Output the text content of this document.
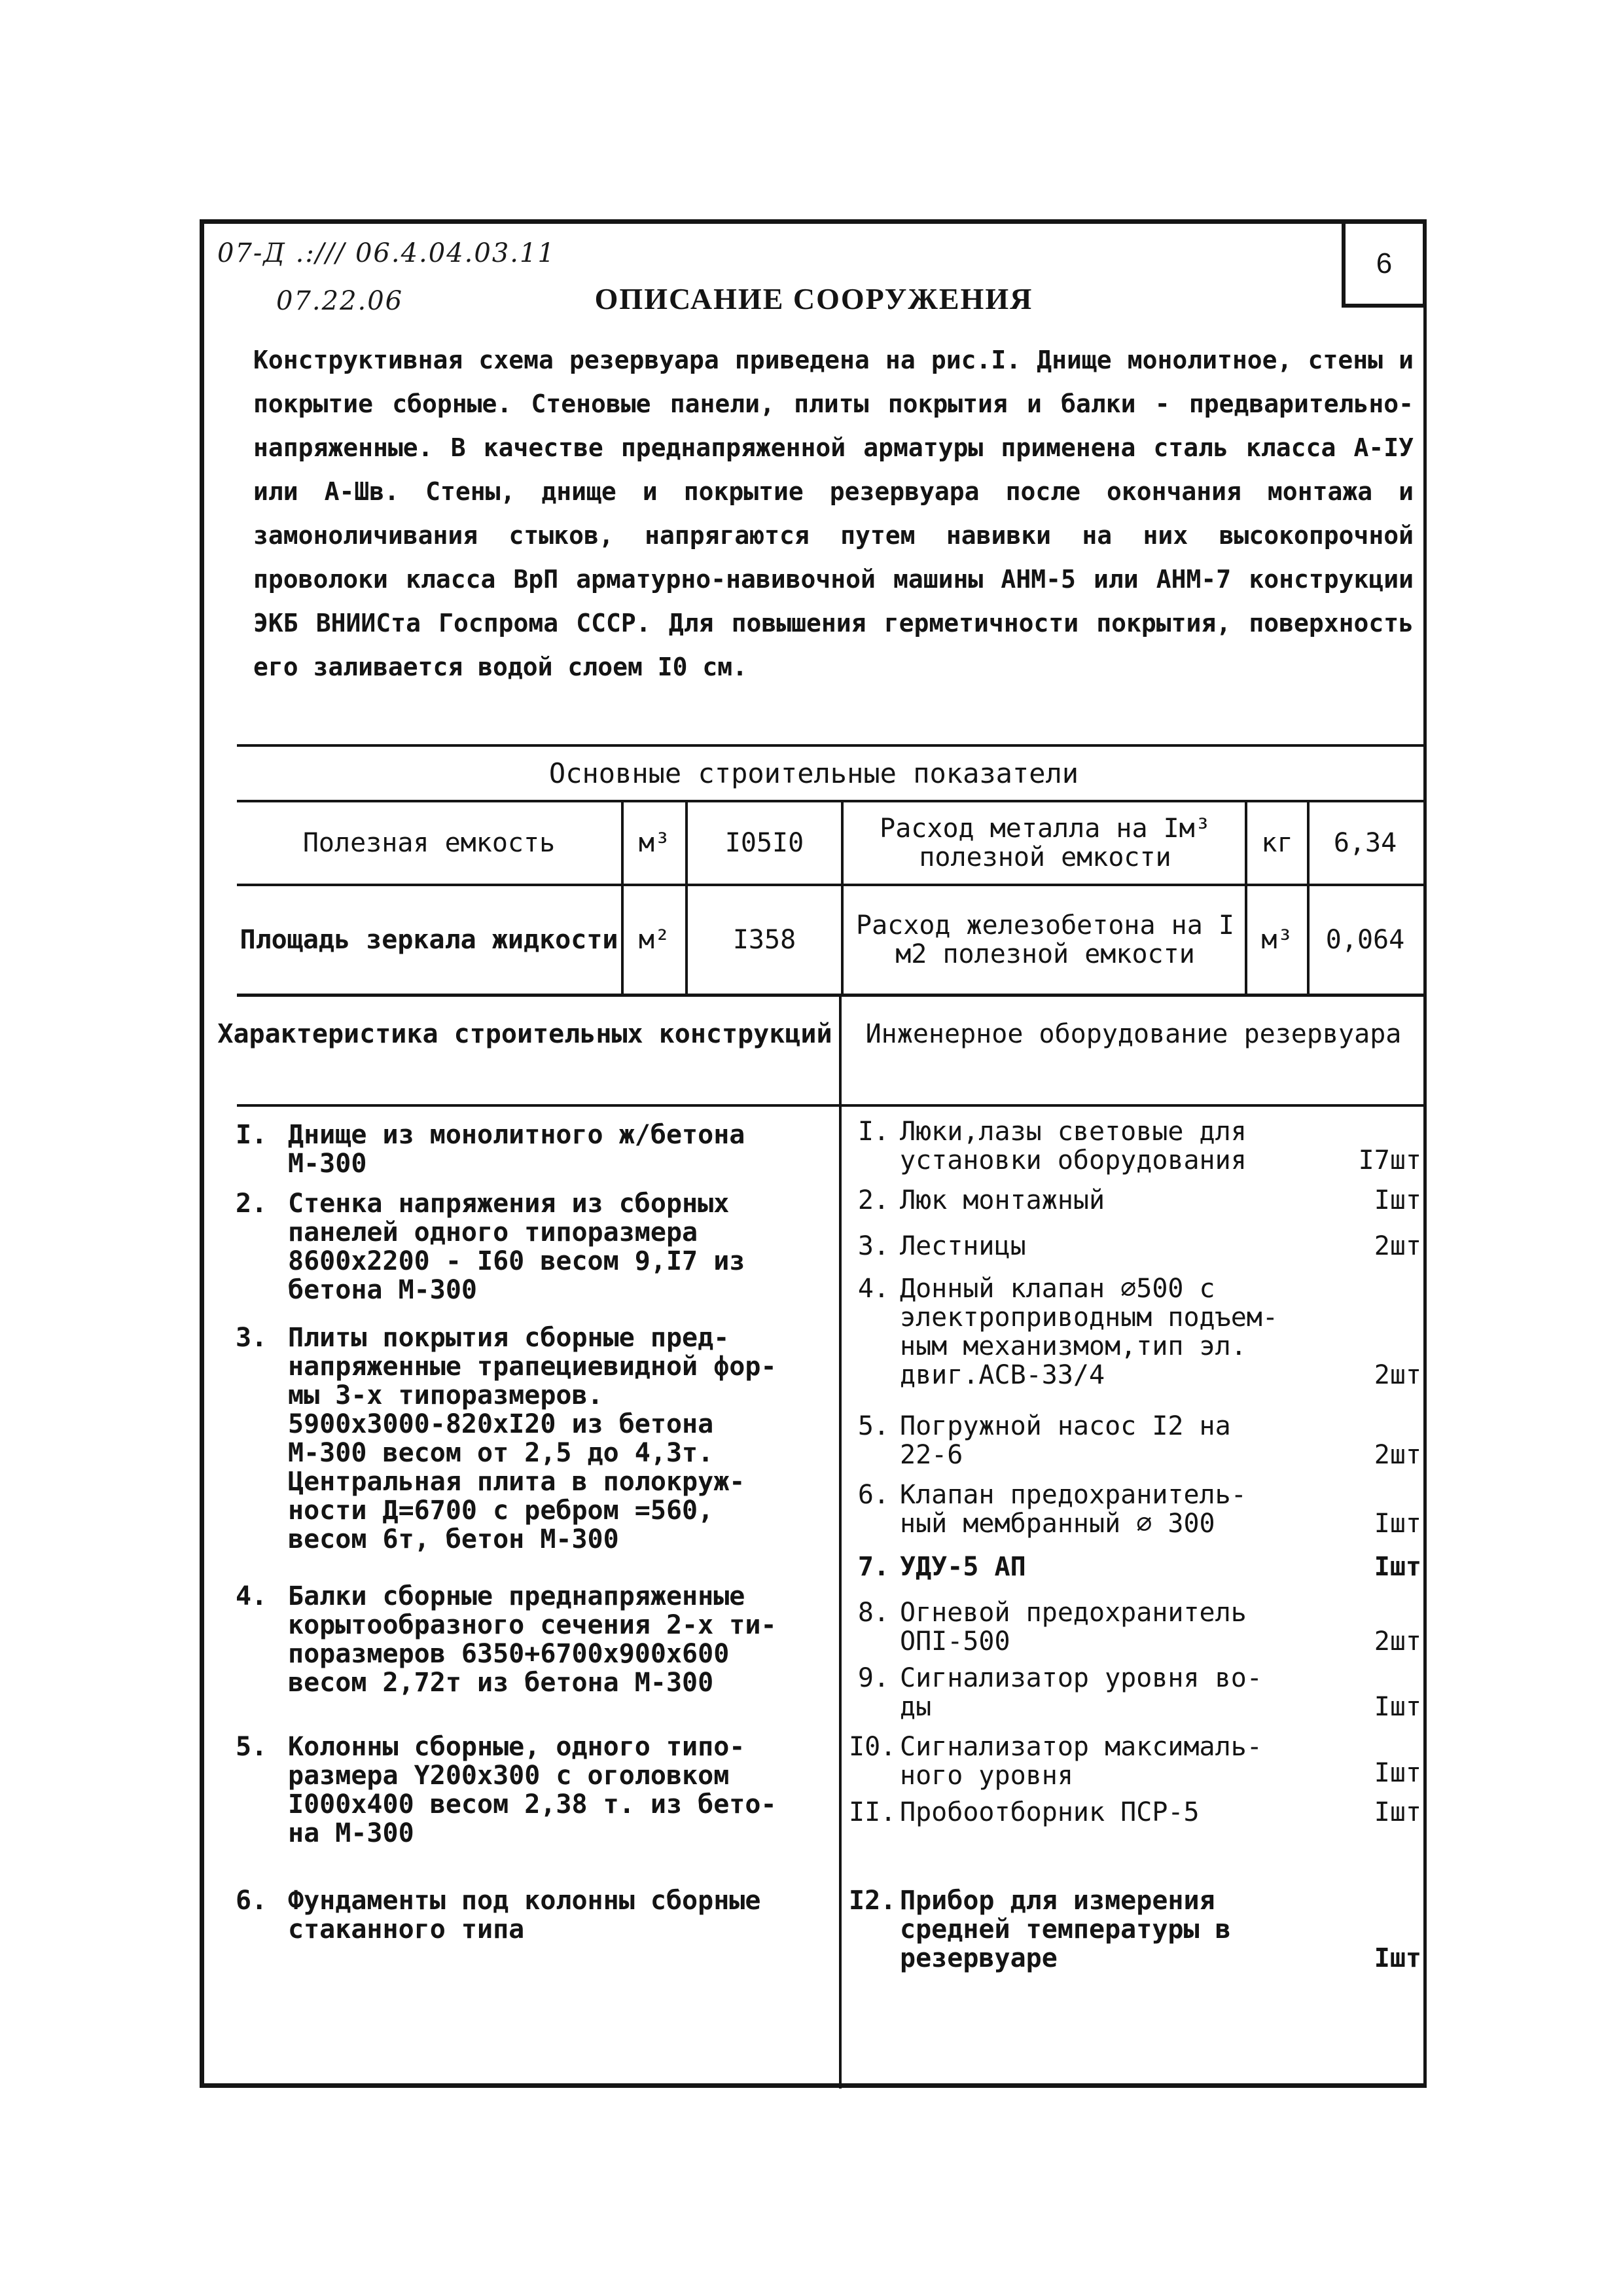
07-Д .:/// 06.4.04.03.11
07.22.06	ОПИСАНИЕ СООРУЖЕНИЯ
6

Конструктивная схема резервуара приведена на рис.I. Днище монолитное, стены и покрытие сборные. Стеновые панели, плиты покрытия и балки - предварительно-напряженные. В качестве преднапряженной арматуры применена сталь класса А-IУ или А-Шв. Стены, днище и покрытие резервуара после окончания монтажа и замоноличивания стыков, напрягаются путем навивки на них высокопрочной проволоки класса ВрП арматурно-навивочной машины АНМ-5 или АНМ-7 конструкции ЭКБ ВНИИСта Госпрома СССР. Для повышения герметичности покрытия, поверхность его заливается водой слоем I0 см.

Основные строительные показатели
Полезная емкость	м³	I05I0	Расход металла на Iм³ полезной емкости	кг	6,34
Площадь зеркала жидкости м²	I358	Расход железобетона на I м2 полезной емкости	м³	0,064
Характеристика строительных конструкций	Инженерное оборудование резервуара
I. Днище из монолитного ж/бетона
М-300
2. Стенка напряжения из сборных
панелей одного типоразмера
8600х2200 - I60 весом 9,I7 из
бетона М-300
3. Плиты покрытия сборные пред-
напряженные трапециевидной фор-
мы 3-х типоразмеров.
5900х3000-820хI20 из бетона
М-300 весом от 2,5 до 4,3т.
Центральная плита в полокруж-
ности Д=6700 с ребром =560,
весом 6т, бетон М-300
4. Балки сборные преднапряженные
корытообразного сечения 2-х ти-
поразмеров 6350+6700х900х600
весом 2,72т из бетона М-300
5. Колонны сборные, одного типо-
размера Y200х300 с оголовком
I000х400 весом 2,38 т. из бето-
на М-300
6. Фундаменты под колонны сборные
стаканного типа
I. Люки,лазы световые для
установки оборудования	I7шт
2. Люк монтажный	Iшт
3. Лестницы	2шт
4. Донный клапан ∅500 с
электроприводным подъем-
ным механизмом,тип эл.
двиг.АСВ-33/4	2шт
5. Погружной насос I2 на
22-6	2шт
6. Клапан предохранитель-
ный мембранный ∅ 300	Iшт
7. УДУ-5 АП	Iшт
8. Огневой предохранитель
ОПI-500	2шт
9. Сигнализатор уровня во-
ды	Iшт
I0. Сигнализатор максималь-
ного уровня	Iшт
II. Пробоотборник ПСР-5	Iшт
I2. Прибор для измерения
средней температуры в
резервуаре	Iшт
